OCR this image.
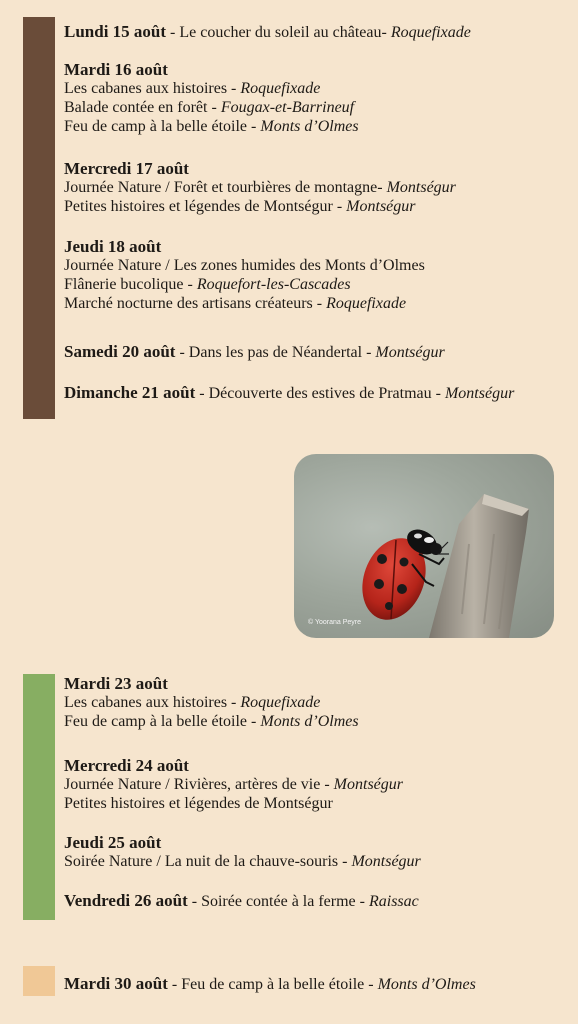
Lundi 15 août - Le coucher du soleil au château- Roquefixade
Mardi 16 août
Les cabanes aux histoires - Roquefixade
Balade contée en forêt - Fougax-et-Barrineuf
Feu de camp à la belle étoile - Monts d’Olmes
Mercredi 17 août
Journée Nature / Forêt et tourbières de montagne- Montségur
Petites histoires et légendes de Montségur - Montségur
Jeudi 18 août
Journée Nature / Les zones humides des Monts d’Olmes
Flânerie bucolique - Roquefort-les-Cascades
Marché nocturne des artisans créateurs - Roquefixade
Samedi 20 août - Dans les pas de Néandertal - Montségur
Dimanche 21 août - Découverte des estives de Pratmau - Montségur
© Yoorana Peyre
Mardi 23 août
Les cabanes aux histoires - Roquefixade
Feu de camp à la belle étoile - Monts d’Olmes
Mercredi 24 août
Journée Nature / Rivières, artères de vie - Montségur
Petites histoires et légendes de Montségur
Jeudi 25 août
Soirée Nature / La nuit de la chauve-souris - Montségur
Vendredi 26 août - Soirée contée à la ferme - Raissac
Mardi 30 août - Feu de camp à la belle étoile - Monts d’Olmes
